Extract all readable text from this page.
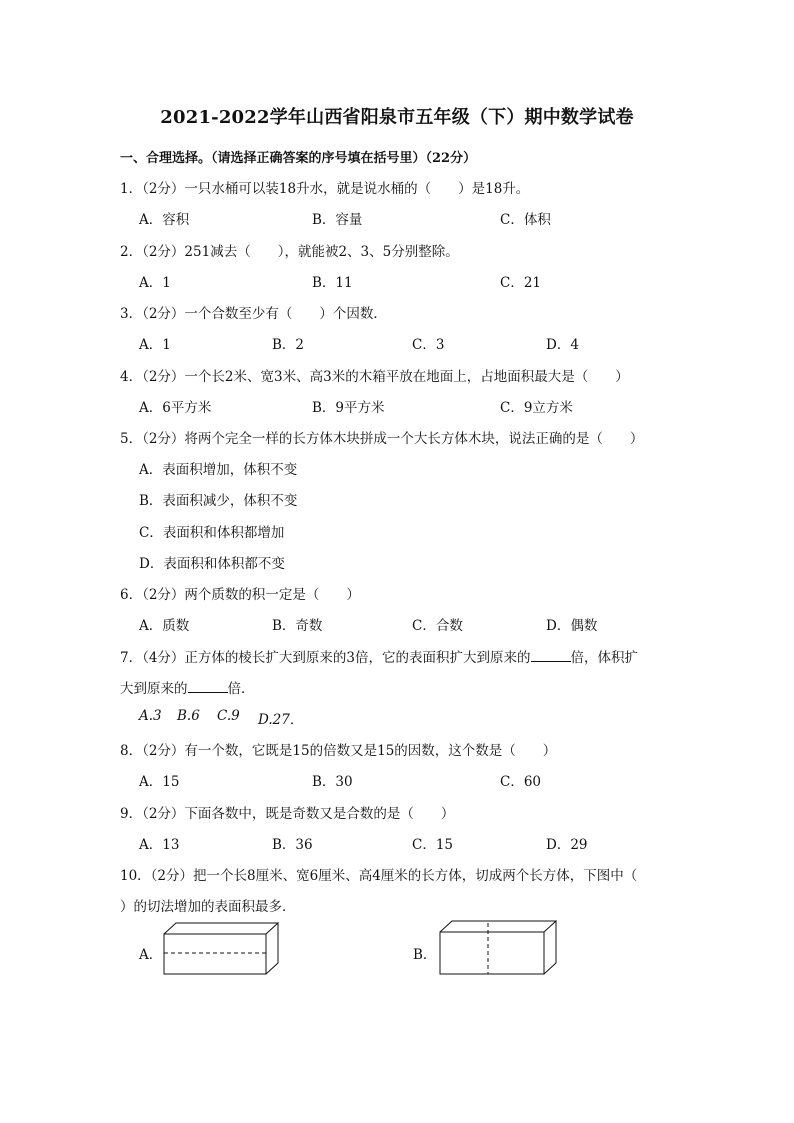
2021-2022学年山西省阳泉市五年级（下）期中数学试卷
一、合理选择。（请选择正确答案的序号填在括号里）（22分）
1．（2分）一只水桶可以装18升水，就是说水桶的（　　）是18升。
A．容积	B．容量	C．体积
2．（2分）251减去（　　），就能被2、3、5分别整除。
A．1	B．11	C．21
3．（2分）一个合数至少有（　　）个因数．
A．1	B．2	C．3	D．4
4．（2分）一个长2米、宽3米、高3米的木箱平放在地面上，占地面积最大是（　　）
A．6平方米	B．9平方米	C．9立方米
5．（2分）将两个完全一样的长方体木块拼成一个大长方体木块，说法正确的是（　　）
A．表面积增加，体积不变
B．表面积减少，体积不变
C．表面积和体积都增加
D．表面积和体积都不变
6．（2分）两个质数的积一定是（　　）
A．质数	B．奇数	C．合数	D．偶数
7．（4分）正方体的棱长扩大到原来的3倍，它的表面积扩大到原来的	倍，体积扩
大到原来的	倍．
A.3 B.6 C.9 D.27．
8．（2分）有一个数，它既是15的倍数又是15的因数，这个数是（　　）
A．15	B．30	C．60
9．（2分）下面各数中，既是奇数又是合数的是（　　）
A．13	B．36	C．15	D．29
10．（2分）把一个长8厘米、宽6厘米、高4厘米的长方体，切成两个长方体，下图中（
）的切法增加的表面积最多．
A．	B．
